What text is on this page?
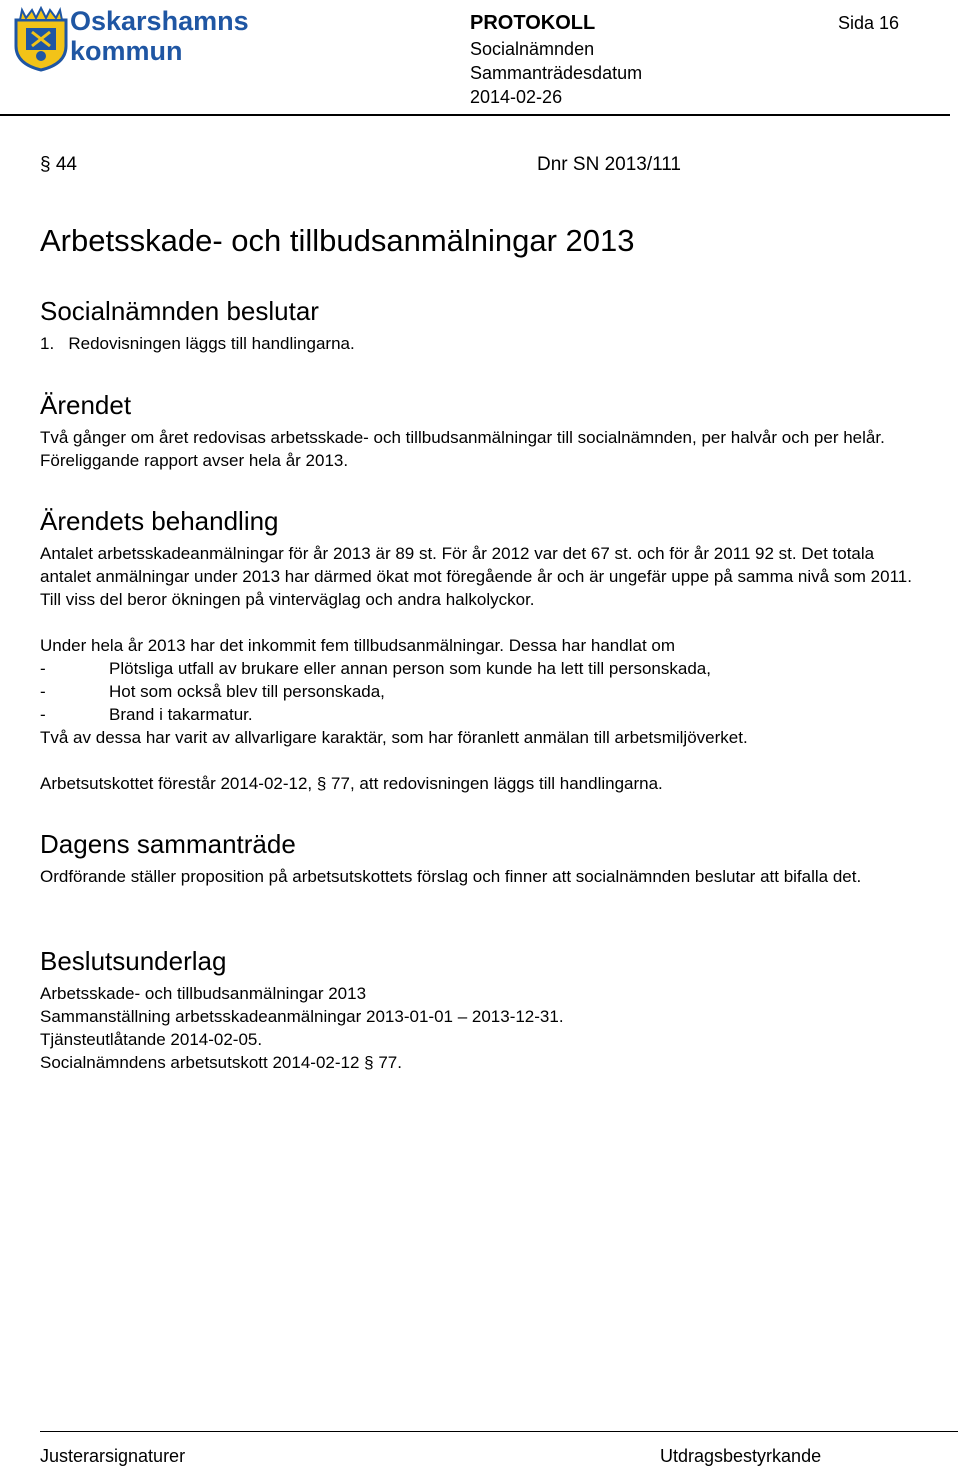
Oskarshamns
kommun
PROTOKOLL
Socialnämnden
Sammanträdesdatum
2014-02-26
Sida 16
§ 44	Dnr SN 2013/111
Arbetsskade- och tillbudsanmälningar 2013
Socialnämnden beslutar
1.   Redovisningen läggs till handlingarna.
Ärendet
Två gånger om året redovisas arbetsskade- och tillbudsanmälningar till socialnämnden, per halvår och per helår. Föreliggande rapport avser hela år 2013.
Ärendets behandling
Antalet arbetsskadeanmälningar för år 2013 är 89 st. För år 2012 var det 67 st. och för år 2011 92 st. Det totala antalet anmälningar under 2013 har därmed ökat mot föregående år och är ungefär uppe på samma nivå som 2011. Till viss del beror ökningen på vinterväglag och andra halkolyckor.
Under hela år 2013 har det inkommit fem tillbudsanmälningar. Dessa har handlat om
-	Plötsliga utfall av brukare eller annan person som kunde ha lett till personskada,
-	Hot som också blev till personskada,
-	Brand i takarmatur.
Två av dessa har varit av allvarligare karaktär, som har föranlett anmälan till arbetsmiljöverket.
Arbetsutskottet förestår 2014-02-12, § 77, att redovisningen läggs till handlingarna.
Dagens sammanträde
Ordförande ställer proposition på arbetsutskottets förslag och finner att socialnämnden beslutar att bifalla det.
Beslutsunderlag
Arbetsskade- och tillbudsanmälningar 2013
Sammanställning arbetsskadeanmälningar 2013-01-01 – 2013-12-31.
Tjänsteutlåtande 2014-02-05.
Socialnämndens arbetsutskott 2014-02-12 § 77.
Justerarsignaturer	Utdragsbestyrkande
